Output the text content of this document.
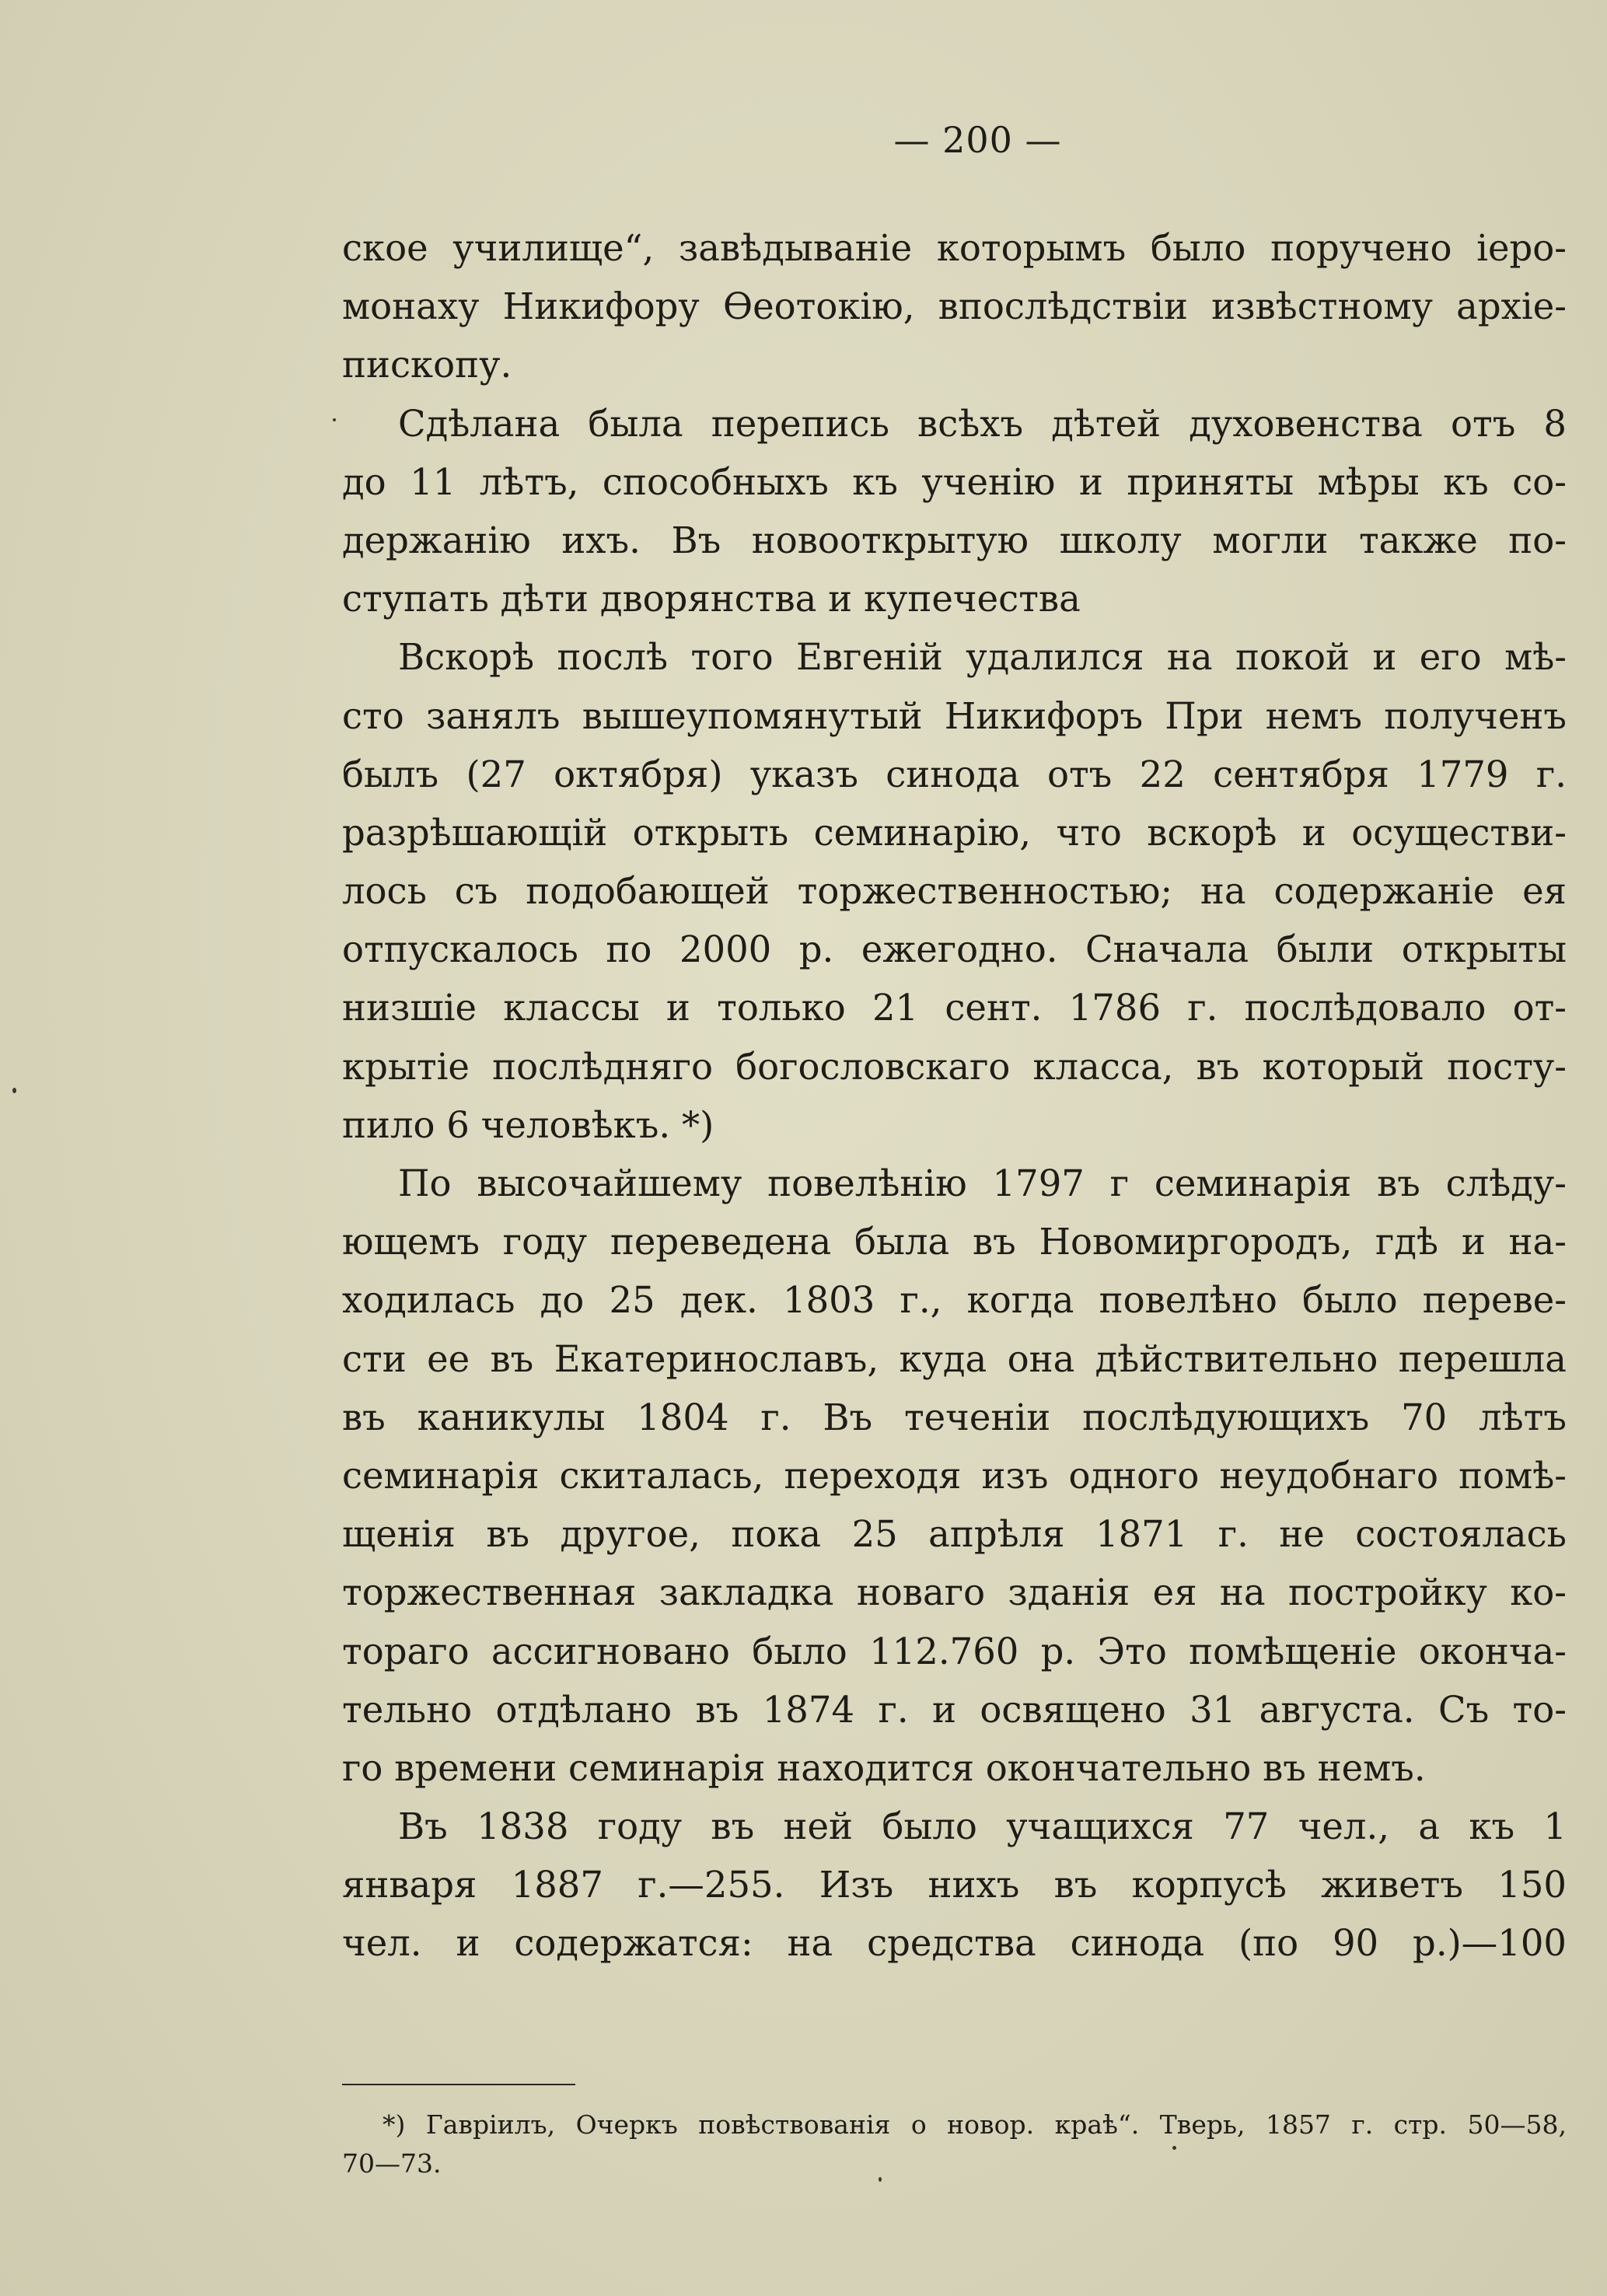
— 200 —
ское училище“, завѣдываніе которымъ было поручено іеро-
монаху Никифору Ѳеотокію, впослѣдствіи извѣстному архіе-
пископу.
Сдѣлана была перепись всѣхъ дѣтей духовенства отъ 8
до 11 лѣтъ, способныхъ къ ученію и приняты мѣры къ со-
держанію ихъ. Въ новооткрытую школу могли также по-
ступать дѣти дворянства и купечества
Вскорѣ послѣ того Евгеній удалился на покой и его мѣ-
сто занялъ вышеупомянутый Никифоръ При немъ полученъ
былъ (27 октября) указъ синода отъ 22 сентября 1779 г.
разрѣшающій открыть семинарію, что вскорѣ и осуществи-
лось съ подобающей торжественностью; на содержаніе ея
отпускалось по 2000 р. ежегодно. Сначала были открыты
низшіе классы и только 21 сент. 1786 г. послѣдовало от-
крытіе послѣдняго богословскаго класса, въ который посту-
пило 6 человѣкъ. *)
По высочайшему повелѣнію 1797 г семинарія въ слѣду-
ющемъ году переведена была въ Новомиргородъ, гдѣ и на-
ходилась до 25 дек. 1803 г., когда повелѣно было переве-
сти ее въ Екатеринославъ, куда она дѣйствительно перешла
въ каникулы 1804 г. Въ теченіи послѣдующихъ 70 лѣтъ
семинарія скиталась, переходя изъ одного неудобнаго помѣ-
щенія въ другое, пока 25 апрѣля 1871 г. не состоялась
торжественная закладка новаго зданія ея на постройку ко-
тораго ассигновано было 112.760 р. Это помѣщеніе оконча-
тельно отдѣлано въ 1874 г. и освящено 31 августа. Съ то-
го времени семинарія находится окончательно въ немъ.
Въ 1838 году въ ней было учащихся 77 чел., а къ 1
января 1887 г.—255. Изъ нихъ въ корпусѣ живетъ 150
чел. и содержатся: на средства синода (по 90 р.)—100
*) Гавріилъ, Очеркъ повѣствованія о новор. краѣ“. Тверь, 1857 г. стр. 50—58,
70—73.
